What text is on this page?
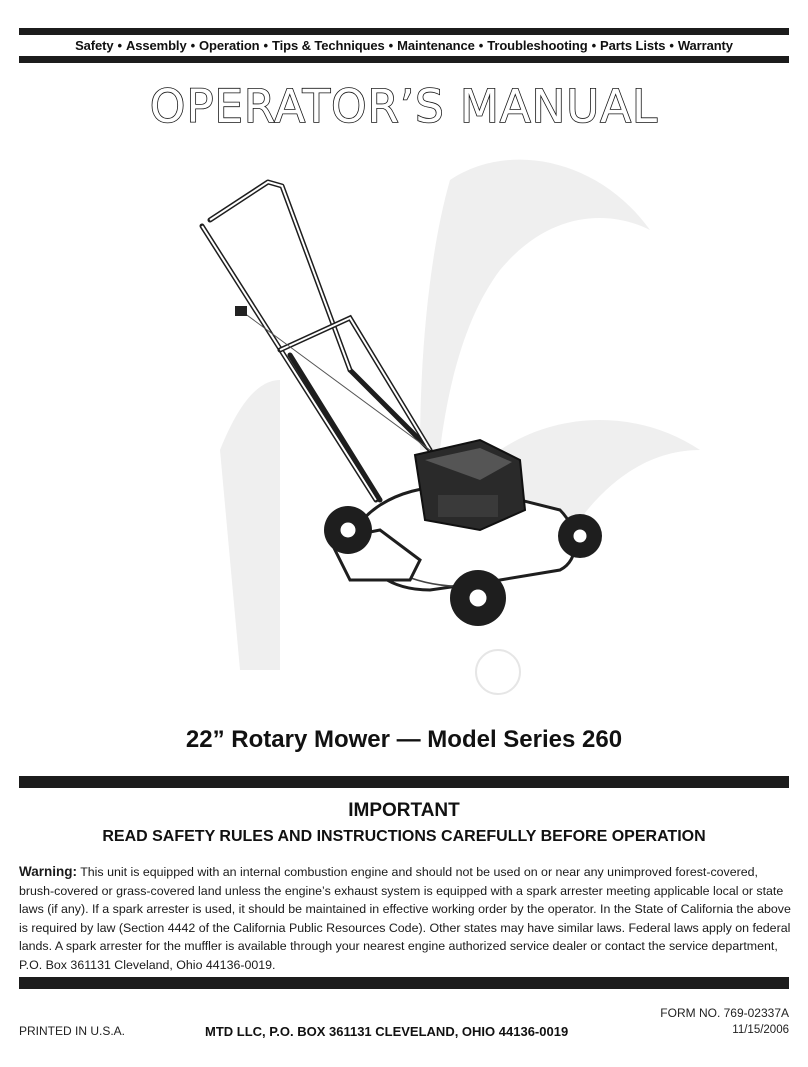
Safety • Assembly • Operation • Tips & Techniques • Maintenance • Troubleshooting • Parts Lists • Warranty
OPERATOR’S MANUAL
22” Rotary Mower — Model Series 260
IMPORTANT
READ SAFETY RULES AND INSTRUCTIONS CAREFULLY BEFORE OPERATION
Warning: This unit is equipped with an internal combustion engine and should not be used on or near any unimproved forest-covered, brush-covered or grass-covered land unless the engine’s exhaust system is equipped with a spark arrester meeting applicable local or state laws (if any). If a spark arrester is used, it should be maintained in effective working order by the operator. In the State of California the above is required by law (Section 4442 of the California Public Resources Code). Other states may have similar laws. Federal laws apply on federal lands. A spark arrester for the muffler is available through your nearest engine authorized service dealer or contact the service department, P.O. Box 361131 Cleveland, Ohio 44136-0019.
PRINTED IN U.S.A.	MTD LLC, P.O. BOX 361131 CLEVELAND, OHIO 44136-0019
FORM NO. 769-02337A
11/15/2006
